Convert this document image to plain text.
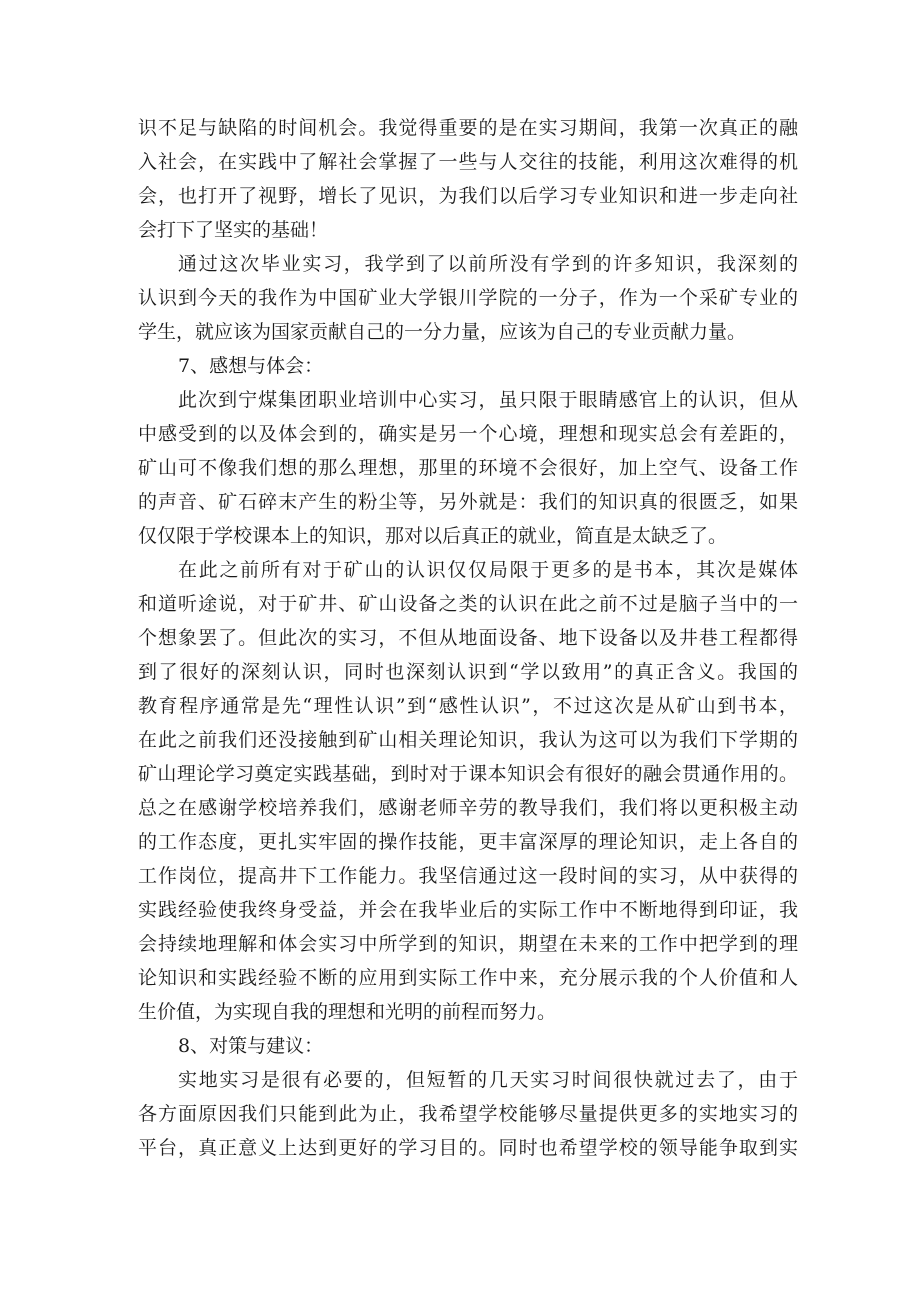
识不足与缺陷的时间机会。我觉得重要的是在实习期间，我第一次真正的融
入社会，在实践中了解社会掌握了一些与人交往的技能，利用这次难得的机
会，也打开了视野，增长了见识，为我们以后学习专业知识和进一步走向社
会打下了坚实的基础！
通过这次毕业实习，我学到了以前所没有学到的许多知识，我深刻的
认识到今天的我作为中国矿业大学银川学院的一分子，作为一个采矿专业的
学生，就应该为国家贡献自己的一分力量，应该为自己的专业贡献力量。
7、感想与体会：
此次到宁煤集团职业培训中心实习，虽只限于眼睛感官上的认识，但从
中感受到的以及体会到的，确实是另一个心境，理想和现实总会有差距的，
矿山可不像我们想的那么理想，那里的环境不会很好，加上空气、设备工作
的声音、矿石碎末产生的粉尘等，另外就是：我们的知识真的很匮乏，如果
仅仅限于学校课本上的知识，那对以后真正的就业，简直是太缺乏了。
在此之前所有对于矿山的认识仅仅局限于更多的是书本，其次是媒体
和道听途说，对于矿井、矿山设备之类的认识在此之前不过是脑子当中的一
个想象罢了。但此次的实习，不但从地面设备、地下设备以及井巷工程都得
到了很好的深刻认识，同时也深刻认识到“学以致用”的真正含义。我国的
教育程序通常是先“理性认识”到“感性认识”，不过这次是从矿山到书本，
在此之前我们还没接触到矿山相关理论知识，我认为这可以为我们下学期的
矿山理论学习奠定实践基础，到时对于课本知识会有很好的融会贯通作用的。
总之在感谢学校培养我们，感谢老师辛劳的教导我们，我们将以更积极主动
的工作态度，更扎实牢固的操作技能，更丰富深厚的理论知识，走上各自的
工作岗位，提高井下工作能力。我坚信通过这一段时间的实习，从中获得的
实践经验使我终身受益，并会在我毕业后的实际工作中不断地得到印证，我
会持续地理解和体会实习中所学到的知识，期望在未来的工作中把学到的理
论知识和实践经验不断的应用到实际工作中来，充分展示我的个人价值和人
生价值，为实现自我的理想和光明的前程而努力。
8、对策与建议：
实地实习是很有必要的，但短暂的几天实习时间很快就过去了，由于
各方面原因我们只能到此为止，我希望学校能够尽量提供更多的实地实习的
平台，真正意义上达到更好的学习目的。同时也希望学校的领导能争取到实
